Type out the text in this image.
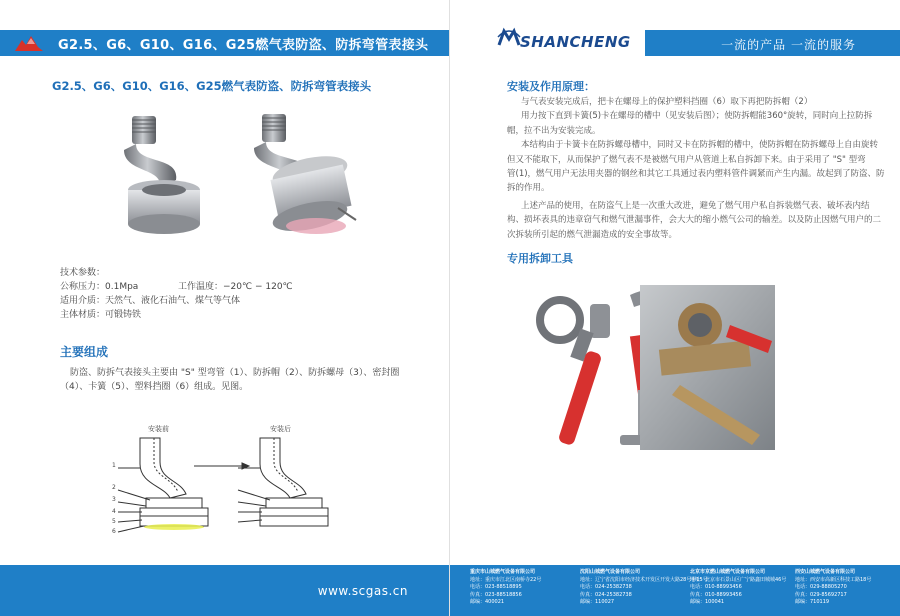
G2.5、G6、G10、G16、G25燃气表防盗、防拆弯管表接头
G2.5、G6、G10、G16、G25燃气表防盗、防拆弯管表接头
技术参数：
公称压力：0.1Mpa	工作温度：−20℃ − 120℃
适用介质：天然气、液化石油气、煤气等气体
主体材质：可锻铸铁
主要组成
防盗、防拆气表接头主要由 "S" 型弯管（1）、防拆帽（2）、防拆螺母（3）、密封圈
（4）、卡簧（5）、塑料挡圈（6）组成。见图。
安装前	安装后
1
2
3
4
5
6
www.scgas.cn
SHANCHENG	一流的产品 一流的服务
安装及作用原理：
与气表安装完成后，把卡在螺母上的保护塑料挡圈（6）取下再把防拆帽（2）
用力按下直到卡簧(5)卡在螺母的槽中（见安装后图）；使防拆帽能360°旋转，同时向上拉防拆
帽，拉不出为安装完成。
本结构由于卡簧卡在防拆螺母槽中，同时又卡在防拆帽的槽中，使防拆帽在防拆螺母上自由旋转
但又不能取下，从而保护了燃气表不是被燃气用户从管道上私自拆卸下来。由于采用了 "S" 型弯
管(1)，燃气用户无法用夹器的钢丝和其它工具通过表内塑料管件调紧而产生内漏。故起到了防盗、防
拆的作用。
上述产品的使用，在防盗气上是一次重大改进，避免了燃气用户私自拆装燃气表、破坏表内结
构、损坏表具的违章窃气和燃气泄漏事件，会大大的缩小燃气公司的输差。以及防止因燃气用户的二
次拆装所引起的燃气泄漏造成的安全事故等。
专用拆卸工具
重庆市山城燃气设备有限公司
地址：重庆市江北区南桥寺22号
电话：023-88518895
传真：023-88518856
邮编：400021
沈阳山城燃气设备有限公司
地址：辽宁省沈阳市经济技术开发区开发大路28号甲15号
电话：024-25382738
传真：024-25382738
邮编：110027
北京市京燃山城燃气设备有限公司
地址：北京市石景山区广宁路鑫田城城46号
电话：010-88993456
传真：010-88993456
邮编：100041
西安山城燃气设备有限公司
地址：西安市高新区科技工路18号
电话：029-88805270
传真：029-85692717
邮编：710119
